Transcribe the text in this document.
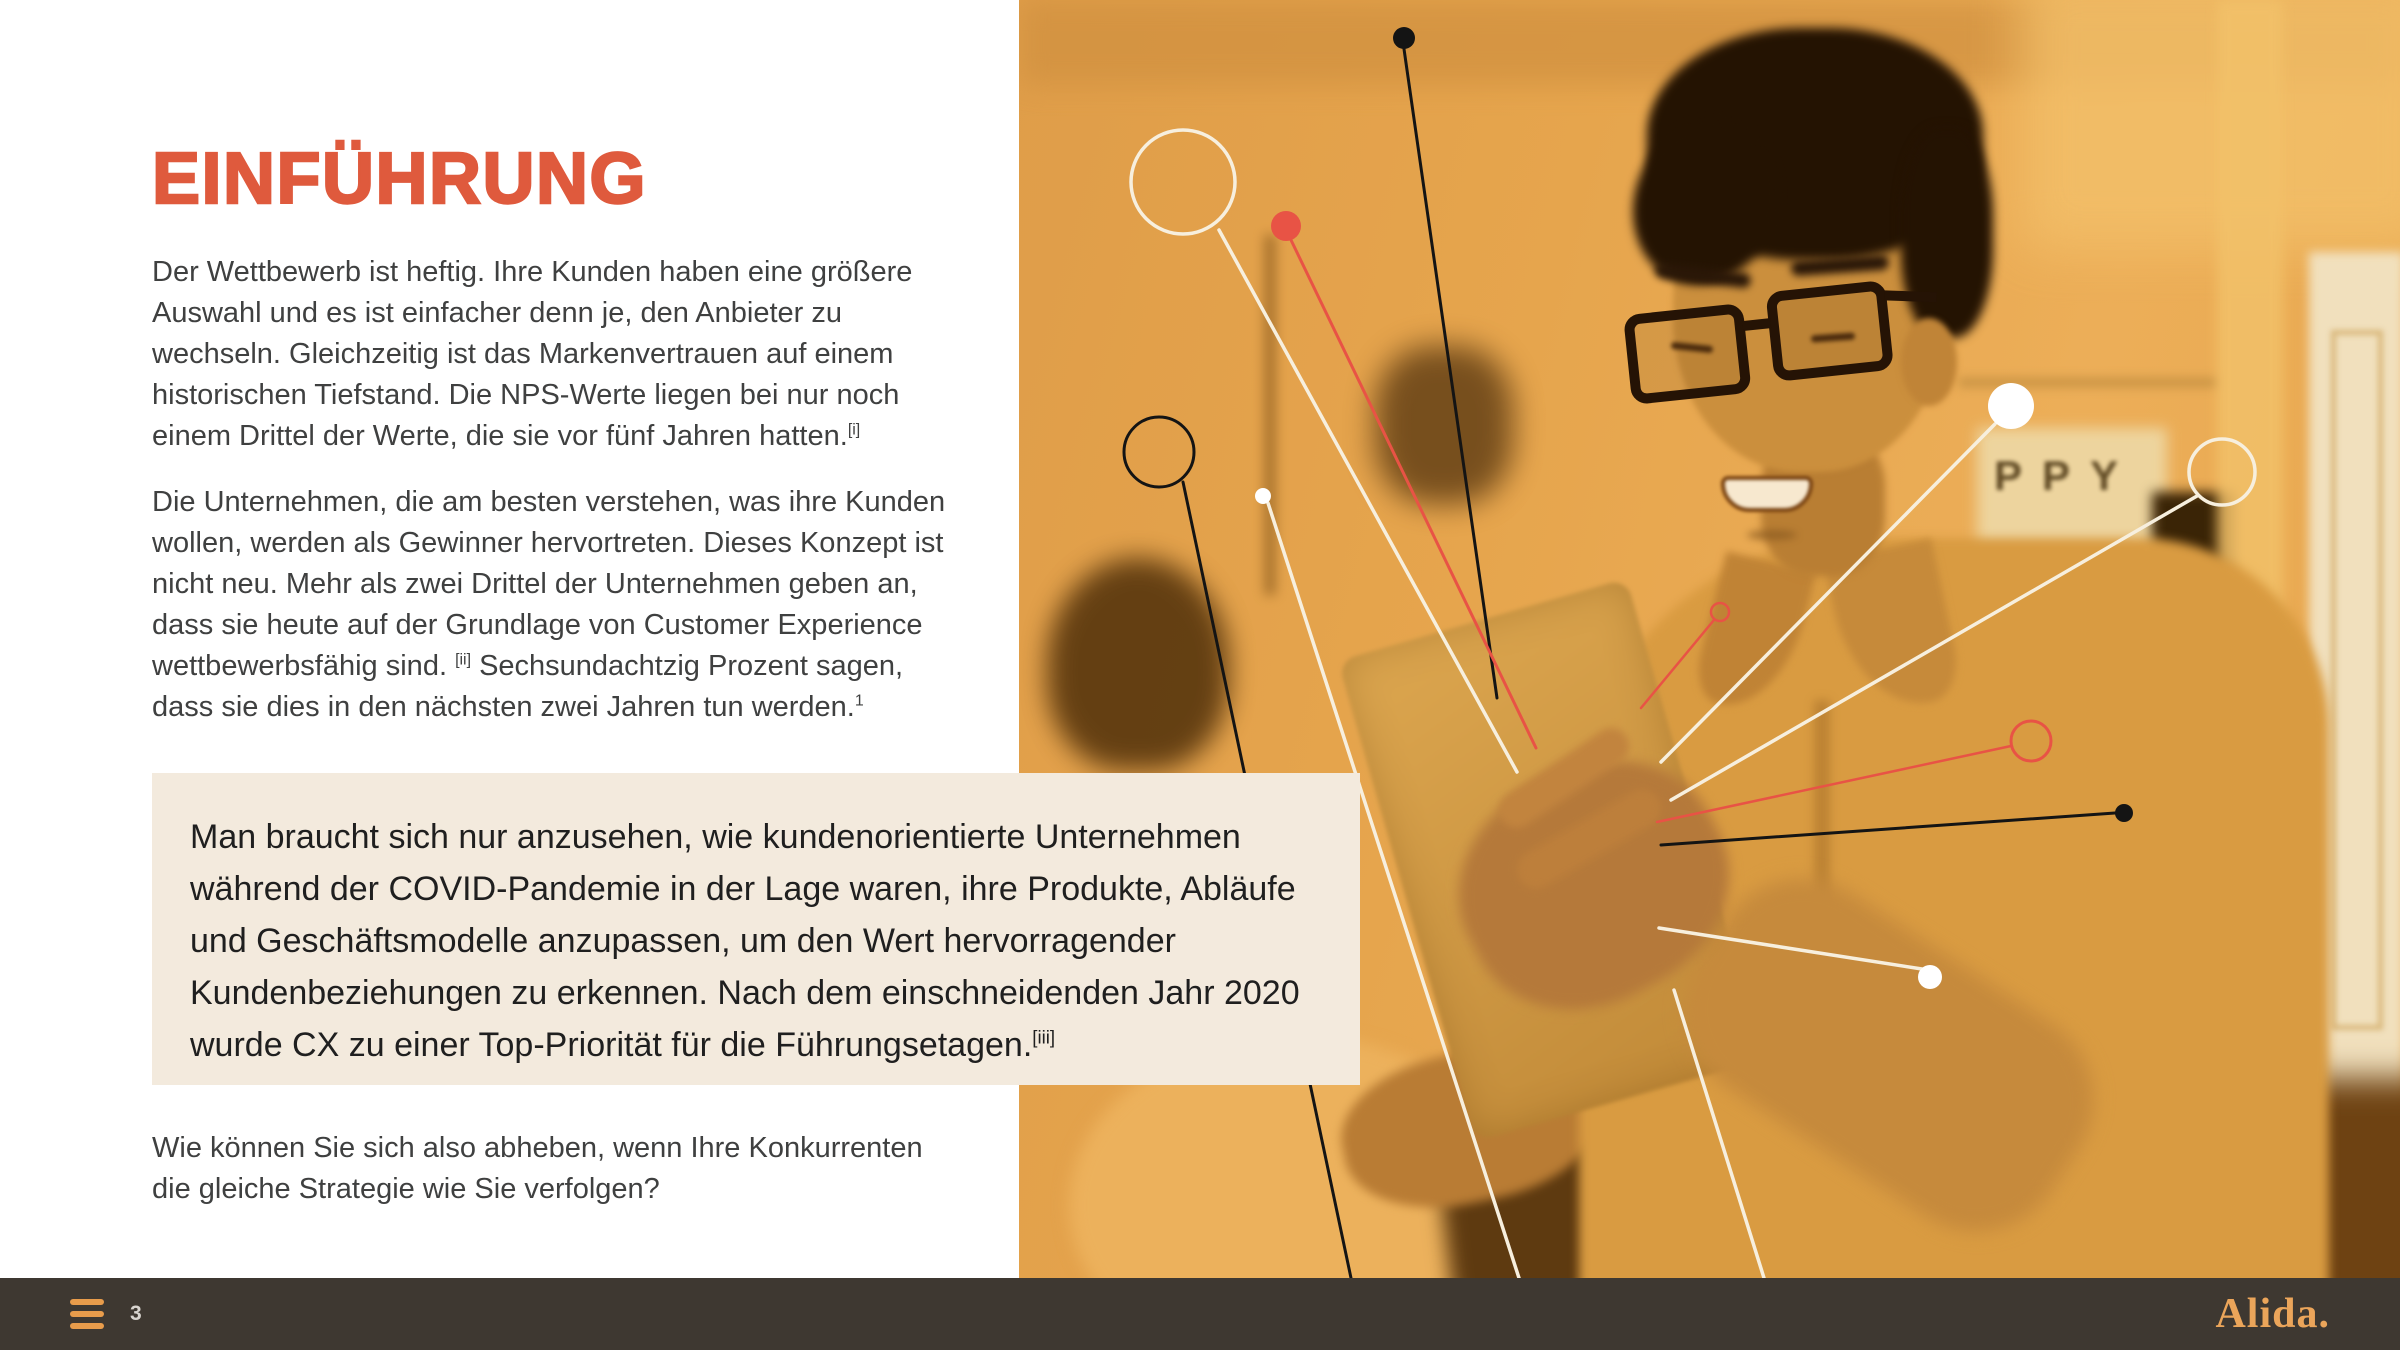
EINFÜHRUNG

Der Wettbewerb ist heftig. Ihre Kunden haben eine größere Auswahl und es ist einfacher denn je, den Anbieter zu wechseln. Gleichzeitig ist das Markenvertrauen auf einem historischen Tiefstand. Die NPS-Werte liegen bei nur noch einem Drittel der Werte, die sie vor fünf Jahren hatten.[i]

Die Unternehmen, die am besten verstehen, was ihre Kunden wollen, werden als Gewinner hervortreten. Dieses Konzept ist nicht neu. Mehr als zwei Drittel der Unternehmen geben an, dass sie heute auf der Grundlage von Customer Experience wettbewerbsfähig sind. [ii] Sechsundachtzig Prozent sagen, dass sie dies in den nächsten zwei Jahren tun werden.$^1$

Wie können Sie sich also abheben, wenn Ihre Konkurrenten die gleiche Strategie wie Sie verfolgen?

Man braucht sich nur anzusehen, wie kundenorientierte Unternehmen während der COVID-Pandemie in der Lage waren, ihre Produkte, Abläufe und Geschäftsmodelle anzupassen, um den Wert hervorragender Kundenbeziehungen zu erkennen. Nach dem einschneidenden Jahr 2020 wurde CX zu einer Top-Priorität für die Führungsetagen.[iii]

PPY
3	Alida.
